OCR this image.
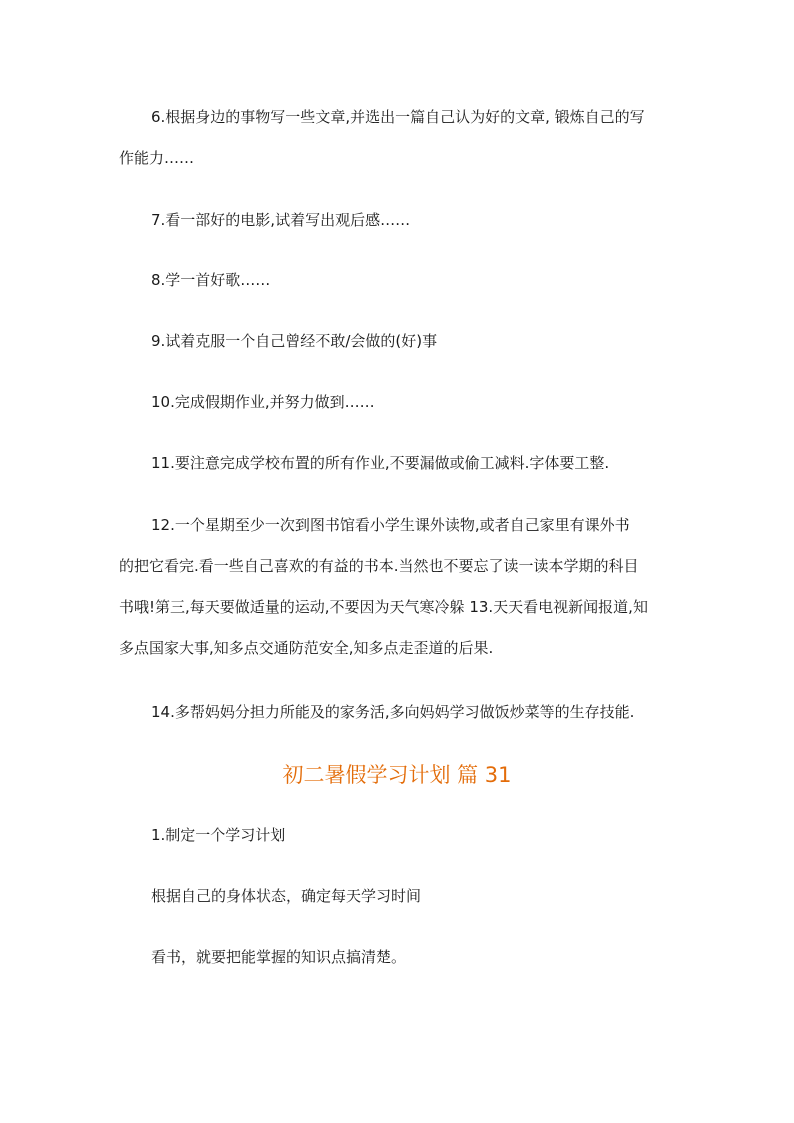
6.根据身边的事物写一些文章,并选出一篇自己认为好的文章, 锻炼自己的写
作能力……

7.看一部好的电影,试着写出观后感……

8.学一首好歌……

9.试着克服一个自己曾经不敢/会做的(好)事

10.完成假期作业,并努力做到……

11.要注意完成学校布置的所有作业,不要漏做或偷工减料.字体要工整.

12.一个星期至少一次到图书馆看小学生课外读物,或者自己家里有课外书
的把它看完.看一些自己喜欢的有益的书本.当然也不要忘了读一读本学期的科目
书哦!第三,每天要做适量的运动,不要因为天气寒冷躲 13.天天看电视新闻报道,知
多点国家大事,知多点交通防范安全,知多点走歪道的后果.

14.多帮妈妈分担力所能及的家务活,多向妈妈学习做饭炒菜等的生存技能.

初二暑假学习计划 篇 31

1.制定一个学习计划

根据自己的身体状态，确定每天学习时间

看书，就要把能掌握的知识点搞清楚。
